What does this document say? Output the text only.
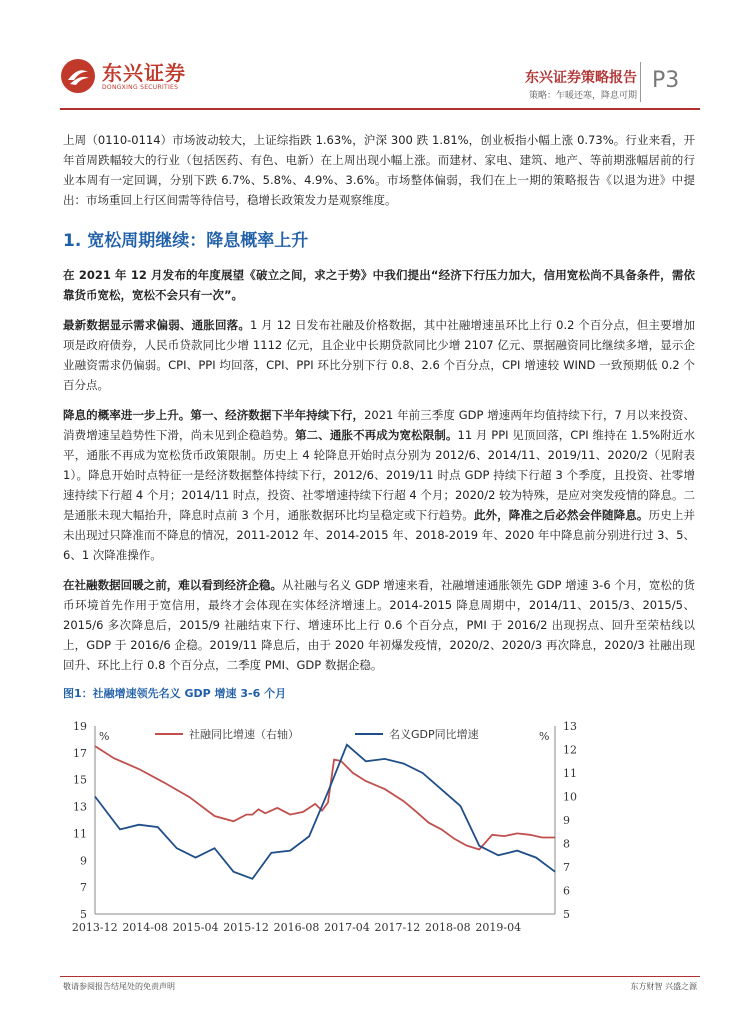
东兴证券
DONGXING SECURITIES
东兴证券策略报告
策略：乍暖还寒，降息可期
P3

上周（0110-0114）市场波动较大，上证综指跌 1.63%，沪深 300 跌 1.81%，创业板指小幅上涨 0.73%。行业来看，开年首周跌幅较大的行业（包括医药、有色、电新）在上周出现小幅上涨。而建材、家电、建筑、地产、等前期涨幅居前的行业本周有一定回调，分别下跌 6.7%、5.8%、4.9%、3.6%。市场整体偏弱，我们在上一期的策略报告《以退为进》中提出：市场重回上行区间需等待信号，稳增长政策发力是观察维度。

1. 宽松周期继续：降息概率上升

在 2021 年 12 月发布的年度展望《破立之间，求之于势》中我们提出“经济下行压力加大，信用宽松尚不具备条件，需依靠货币宽松，宽松不会只有一次”。

最新数据显示需求偏弱、通胀回落。1 月 12 日发布社融及价格数据，其中社融增速虽环比上行 0.2 个百分点，但主要增加项是政府债券，人民币贷款同比少增 1112 亿元，且企业中长期贷款同比少增 2107 亿元、票据融资同比继续多增，显示企业融资需求仍偏弱。CPI、PPI 均回落，CPI、PPI 环比分别下行 0.8、2.6 个百分点，CPI 增速较 WIND 一致预期低 0.2 个百分点。

降息的概率进一步上升。第一、经济数据下半年持续下行，2021 年前三季度 GDP 增速两年均值持续下行，7 月以来投资、消费增速呈趋势性下滑，尚未见到企稳趋势。第二、通胀不再成为宽松限制。11 月 PPI 见顶回落，CPI 维持在 1.5%附近水平，通胀不再成为宽松货币政策限制。历史上 4 轮降息开始时点分别为 2012/6、2014/11、2019/11、2020/2（见附表 1）。降息开始时点特征一是经济数据整体持续下行，2012/6、2019/11 时点 GDP 持续下行超 3 个季度，且投资、社零增速持续下行超 4 个月；2014/11 时点，投资、社零增速持续下行超 4 个月；2020/2 较为特殊，是应对突发疫情的降息。二是通胀未现大幅抬升，降息时点前 3 个月，通胀数据环比均呈稳定或下行趋势。此外，降准之后必然会伴随降息。历史上并未出现过只降准而不降息的情况，2011-2012 年、2014-2015 年、2018-2019 年、2020 年中降息前分别进行过 3、5、6、1 次降准操作。

在社融数据回暖之前，难以看到经济企稳。从社融与名义 GDP 增速来看，社融增速通胀领先 GDP 增速 3-6 个月，宽松的货币环境首先作用于宽信用，最终才会体现在实体经济增速上。2014-2015 降息周期中，2014/11、2015/3、2015/5、2015/6 多次降息后，2015/9 社融结束下行、增速环比上行 0.6 个百分点，PMI 于 2016/2 出现拐点、回升至荣枯线以上，GDP 于 2016/6 企稳。2019/11 降息后，由于 2020 年初爆发疫情，2020/2、2020/3 再次降息，2020/3 社融出现回升、环比上行 0.8 个百分点，二季度 PMI、GDP 数据企稳。

图1：社融增速领先名义 GDP 增速 3-6 个月
5
7
9
11
13
15
17
19
5
6
7
8
9
10
11
12
13
%	%
2013-12 2014-08 2015-04 2015-12 2016-08 2017-04 2017-12 2018-08 2019-04
社融同比增速（右轴）	名义GDP同比增速
敬请参阅报告结尾处的免责声明	东方财智 兴盛之源
